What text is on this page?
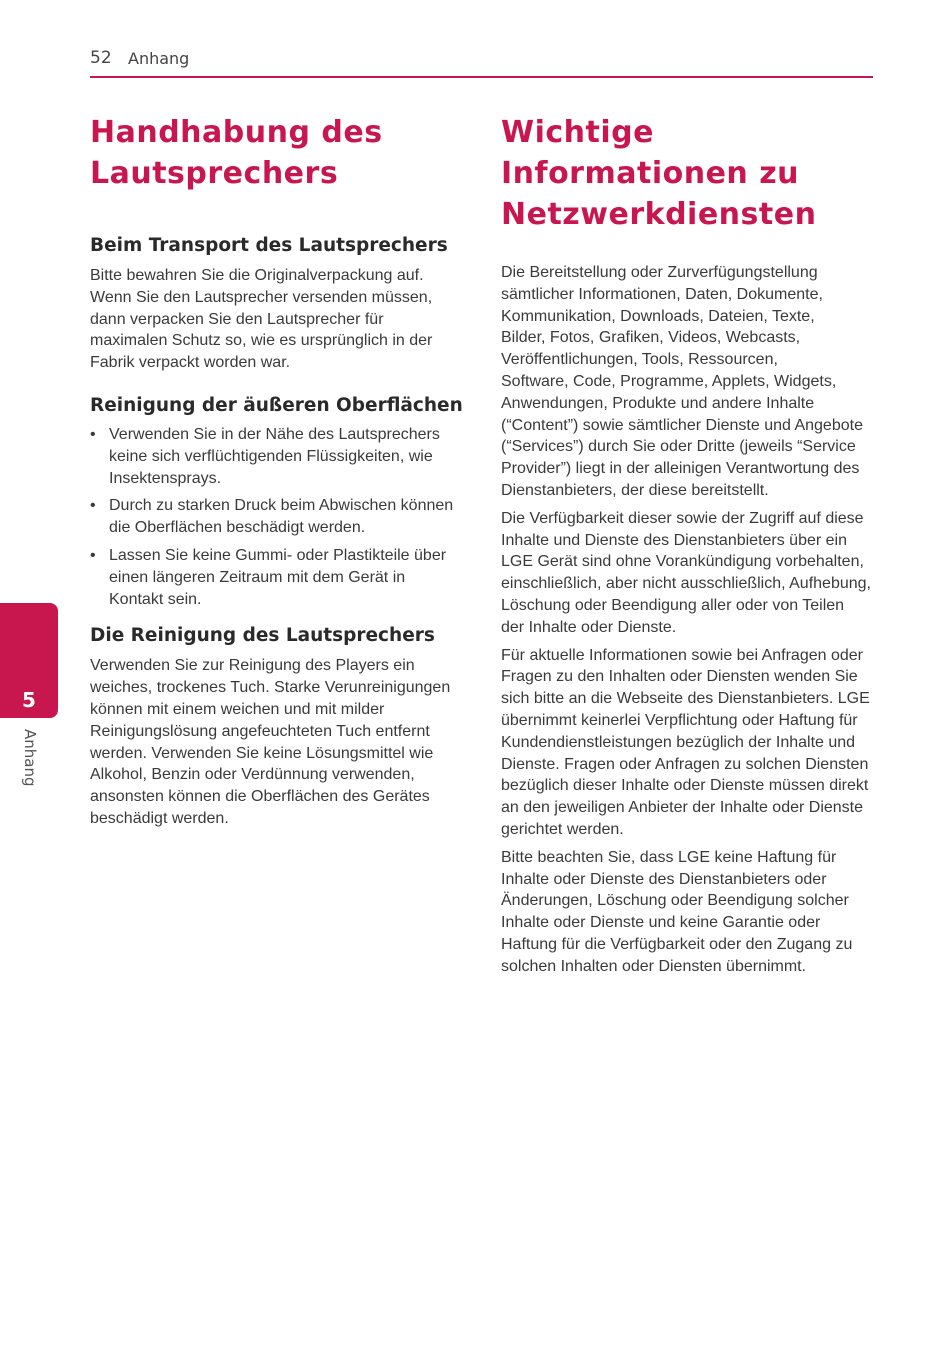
52 Anhang
5
Anhang
Handhabung des
Lautsprechers
Beim Transport des Lautsprechers

Bitte bewahren Sie die Originalverpackung auf.
Wenn Sie den Lautsprecher versenden müssen,
dann verpacken Sie den Lautsprecher für
maximalen Schutz so, wie es ursprünglich in der
Fabrik verpackt worden war.

Reinigung der äußeren Oberflächen
• Verwenden Sie in der Nähe des Lautsprechers
keine sich verflüchtigenden Flüssigkeiten, wie
Insektensprays.
• Durch zu starken Druck beim Abwischen können
die Oberflächen beschädigt werden.
• Lassen Sie keine Gummi- oder Plastikteile über
einen längeren Zeitraum mit dem Gerät in
Kontakt sein.
Die Reinigung des Lautsprechers

Verwenden Sie zur Reinigung des Players ein
weiches, trockenes Tuch. Starke Verunreinigungen
können mit einem weichen und mit milder
Reinigungslösung angefeuchteten Tuch entfernt
werden. Verwenden Sie keine Lösungsmittel wie
Alkohol, Benzin oder Verdünnung verwenden,
ansonsten können die Oberflächen des Gerätes
beschädigt werden.

Wichtige
Informationen zu
Netzwerkdiensten

Die Bereitstellung oder Zurverfügungstellung
sämtlicher Informationen, Daten, Dokumente,
Kommunikation, Downloads, Dateien, Texte,
Bilder, Fotos, Grafiken, Videos, Webcasts,
Veröffentlichungen, Tools, Ressourcen,
Software, Code, Programme, Applets, Widgets,
Anwendungen, Produkte und andere Inhalte
(“Content”) sowie sämtlicher Dienste und Angebote
(“Services”) durch Sie oder Dritte (jeweils “Service
Provider”) liegt in der alleinigen Verantwortung des
Dienstanbieters, der diese bereitstellt.

Die Verfügbarkeit dieser sowie der Zugriff auf diese
Inhalte und Dienste des Dienstanbieters über ein
LGE Gerät sind ohne Vorankündigung vorbehalten,
einschließlich, aber nicht ausschließlich, Aufhebung,
Löschung oder Beendigung aller oder von Teilen
der Inhalte oder Dienste.

Für aktuelle Informationen sowie bei Anfragen oder
Fragen zu den Inhalten oder Diensten wenden Sie
sich bitte an die Webseite des Dienstanbieters. LGE
übernimmt keinerlei Verpflichtung oder Haftung für
Kundendienstleistungen bezüglich der Inhalte und
Dienste. Fragen oder Anfragen zu solchen Diensten
bezüglich dieser Inhalte oder Dienste müssen direkt
an den jeweiligen Anbieter der Inhalte oder Dienste
gerichtet werden.

Bitte beachten Sie, dass LGE keine Haftung für
Inhalte oder Dienste des Dienstanbieters oder
Änderungen, Löschung oder Beendigung solcher
Inhalte oder Dienste und keine Garantie oder
Haftung für die Verfügbarkeit oder den Zugang zu
solchen Inhalten oder Diensten übernimmt.
